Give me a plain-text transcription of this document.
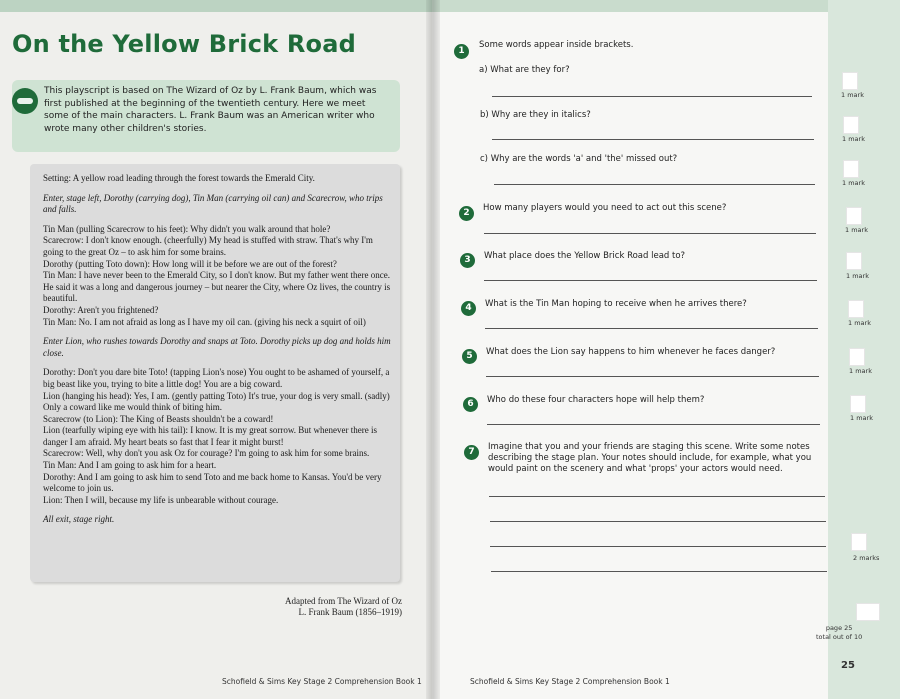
On the Yellow Brick Road
This playscript is based on The Wizard of Oz by L. Frank Baum, which was first published at the beginning of the twentieth century. Here we meet some of the main characters. L. Frank Baum was an American writer who wrote many other children's stories.

Setting: A yellow road leading through the forest towards the Emerald City.

Enter, stage left, Dorothy (carrying dog), Tin Man (carrying oil can) and Scarecrow, who trips and falls.

Tin Man (pulling Scarecrow to his feet): Why didn't you walk around that hole?
Scarecrow: I don't know enough. (cheerfully) My head is stuffed with straw. That's why I'm going to the great Oz – to ask him for some brains.
Dorothy (putting Toto down): How long will it be before we are out of the forest?
Tin Man: I have never been to the Emerald City, so I don't know. But my father went there once. He said it was a long and dangerous journey – but nearer the City, where Oz lives, the country is beautiful.
Dorothy: Aren't you frightened?
Tin Man: No. I am not afraid as long as I have my oil can. (giving his neck a squirt of oil)

Enter Lion, who rushes towards Dorothy and snaps at Toto. Dorothy picks up dog and holds him close.

Dorothy: Don't you dare bite Toto! (tapping Lion's nose) You ought to be ashamed of yourself, a big beast like you, trying to bite a little dog! You are a big coward.
Lion (hanging his head): Yes, I am. (gently patting Toto) It's true, your dog is very small. (sadly) Only a coward like me would think of biting him.
Scarecrow (to Lion): The King of Beasts shouldn't be a coward!
Lion (tearfully wiping eye with his tail): I know. It is my great sorrow. But whenever there is danger I am afraid. My heart beats so fast that I fear it might burst!
Scarecrow: Well, why don't you ask Oz for courage? I'm going to ask him for some brains.
Tin Man: And I am going to ask him for a heart.
Dorothy: And I am going to ask him to send Toto and me back home to Kansas. You'd be very welcome to join us.
Lion: Then I will, because my life is unbearable without courage.

All exit, stage right.

Adapted from The Wizard of Oz
L. Frank Baum (1856–1919)
Schofield & Sims Key Stage 2 Comprehension Book 1
1
Some words appear inside brackets.
a) What are they for?
1 mark
b) Why are they in italics?
1 mark
c) Why are the words 'a' and 'the' missed out?
1 mark
2	How many players would you need to act out this scene?
1 mark
3	What place does the Yellow Brick Road lead to?
1 mark
4	What is the Tin Man hoping to receive when he arrives there?
1 mark
5	What does the Lion say happens to him whenever he faces danger?
1 mark
6	Who do these four characters hope will help them?
1 mark
7	Imagine that you and your friends are staging this scene. Write some notes describing the stage plan. Your notes should include, for example, what you would paint on the scenery and what 'props' your actors would need.
2 marks
page 25
total out of 10
25
Schofield & Sims Key Stage 2 Comprehension Book 1
